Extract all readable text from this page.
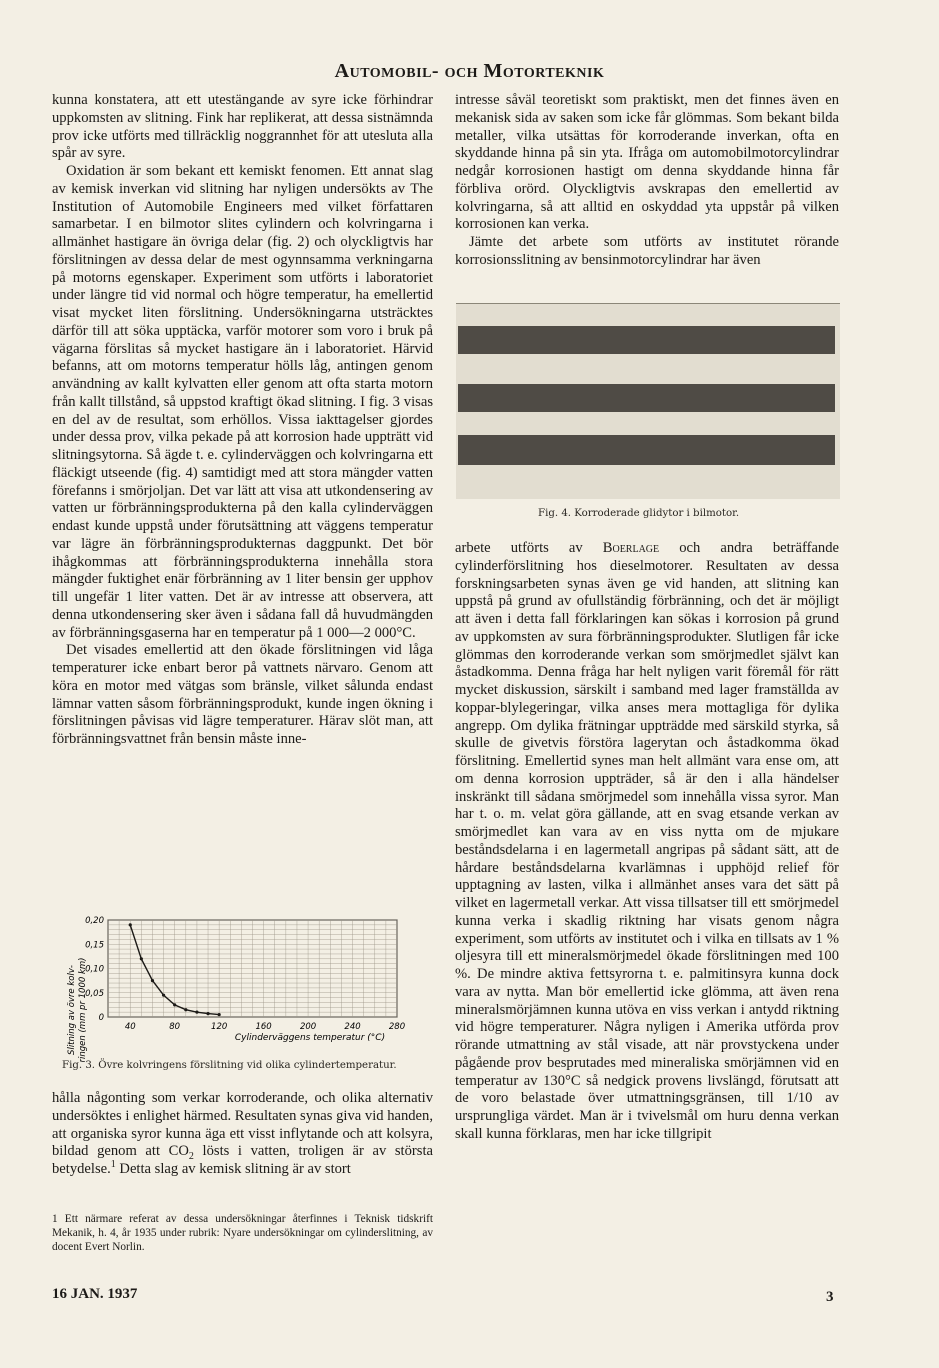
Automobil- och Motorteknik

kunna konstatera, att ett utestängande av syre icke förhindrar uppkomsten av slitning. Fink har replikerat, att dessa sistnämnda prov icke utförts med tillräcklig noggrannhet för att utesluta alla spår av syre.

Oxidation är som bekant ett kemiskt fenomen. Ett annat slag av kemisk inverkan vid slitning har nyligen undersökts av The Institution of Automobile Engineers med vilket författaren samarbetar. I en bilmotor slites cylindern och kolvringarna i allmänhet hastigare än övriga delar (fig. 2) och olyckligtvis har förslitningen av dessa delar de mest ogynnsamma verkningarna på motorns egenskaper. Experiment som utförts i laboratoriet under längre tid vid normal och högre temperatur, ha emellertid visat mycket liten förslitning. Undersökningarna utsträcktes därför till att söka upptäcka, varför motorer som voro i bruk på vägarna förslitas så mycket hastigare än i laboratoriet. Härvid befanns, att om motorns temperatur hölls låg, antingen genom användning av kallt kylvatten eller genom att ofta starta motorn från kallt tillstånd, så uppstod kraftigt ökad slitning. I fig. 3 visas en del av de resultat, som erhöllos. Vissa iakttagelser gjordes under dessa prov, vilka pekade på att korrosion hade uppträtt vid slitningsytorna. Så ägde t. e. cylinderväggen och kolvringarna ett fläckigt utseende (fig. 4) samtidigt med att stora mängder vatten förefanns i smörjoljan. Det var lätt att visa att utkondensering av vatten ur förbränningsprodukterna på den kalla cylinderväggen endast kunde uppstå under förutsättning att väggens temperatur var lägre än förbränningsprodukternas daggpunkt. Det bör ihågkommas att förbränningsprodukterna innehålla stora mängder fuktighet enär förbränning av 1 liter bensin ger upphov till ungefär 1 liter vatten. Det är av intresse att observera, att denna utkondensering sker även i sådana fall då huvudmängden av förbränningsgaserna har en temperatur på 1 000—2 000°C.

Det visades emellertid att den ökade förslitningen vid låga temperaturer icke enbart beror på vattnets närvaro. Genom att köra en motor med vätgas som bränsle, vilket sålunda endast lämnar vatten såsom förbränningsprodukt, kunde ingen ökning i förslitningen påvisas vid lägre temperaturer. Härav slöt man, att förbränningsvattnet från bensin måste inne-

Slitning av övre kolv- ringen (mm pr 1000 km)	40	80	120	160	200	240	280
0
0,05
0,10
0,15
0,20
Cylinderväggens temperatur (°C)
Fig. 3. Övre kolvringens förslitning vid olika cylindertemperatur.

hålla någonting som verkar korroderande, och olika alternativ undersöktes i enlighet härmed. Resultaten synas giva vid handen, att organiska syror kunna äga ett visst inflytande och att kolsyra, bildad genom att $CO_2$ lösts i vatten, troligen är av största betydelse.$^1$ Detta slag av kemisk slitning är av stort

1 Ett närmare referat av dessa undersökningar återfinnes i Teknisk tidskrift Mekanik, h. 4, år 1935 under rubrik: Nyare undersökningar om cylinderslitning, av docent Evert Norlin.

intresse såväl teoretiskt som praktiskt, men det finnes även en mekanisk sida av saken som icke får glömmas. Som bekant bilda metaller, vilka utsättas för korroderande inverkan, ofta en skyddande hinna på sin yta. Ifråga om automobilmotorcylindrar nedgår korrosionen hastigt om denna skyddande hinna får förbliva orörd. Olyckligtvis avskrapas den emellertid av kolvringarna, så att alltid en oskyddad yta uppstår på vilken korrosionen kan verka.

Jämte det arbete som utförts av institutet rörande korrosionsslitning av bensinmotorcylindrar har även

Fig. 4. Korroderade glidytor i bilmotor.

arbete utförts av Boerlage och andra beträffande cylinderförslitning hos dieselmotorer. Resultaten av dessa forskningsarbeten synas även ge vid handen, att slitning kan uppstå på grund av ofullständig förbränning, och det är möjligt att även i detta fall förklaringen kan sökas i korrosion på grund av uppkomsten av sura förbränningsprodukter. Slutligen får icke glömmas den korroderande verkan som smörjmedlet självt kan åstadkomma. Denna fråga har helt nyligen varit föremål för rätt mycket diskussion, särskilt i samband med lager framställda av koppar-blylegeringar, vilka anses mera mottagliga för dylika angrepp. Om dylika frätningar uppträdde med särskild styrka, så skulle de givetvis förstöra lagerytan och åstadkomma ökad förslitning. Emellertid synes man helt allmänt vara ense om, att om denna korrosion uppträder, så är den i alla händelser inskränkt till sådana smörjmedel som innehålla vissa syror. Man har t. o. m. velat göra gällande, att en svag etsande verkan av smörjmedlet kan vara av en viss nytta om de mjukare beståndsdelarna i en lagermetall angripas på sådant sätt, att de hårdare beståndsdelarna kvarlämnas i upphöjd relief för upptagning av lasten, vilka i allmänhet anses vara det sätt på vilket en lagermetall verkar. Att vissa tillsatser till ett smörjmedel kunna verka i skadlig riktning har visats genom några experiment, som utförts av institutet och i vilka en tillsats av 1 % oljesyra till ett mineralsmörjmedel ökade förslitningen med 100 %. De mindre aktiva fettsyrorna t. e. palmitinsyra kunna dock vara av nytta. Man bör emellertid icke glömma, att även rena mineralsmörjämnen kunna utöva en viss verkan i antydd riktning vid högre temperaturer. Några nyligen i Amerika utförda prov rörande utmattning av stål visade, att när provstyckena under pågående prov besprutades med mineraliska smörjämnen vid en temperatur av 130°C så nedgick provens livslängd, förutsatt att de voro belastade över utmattningsgränsen, till 1/10 av ursprungliga värdet. Man är i tvivelsmål om huru denna verkan skall kunna förklaras, men har icke tillgripit

16 JAN. 1937	3
